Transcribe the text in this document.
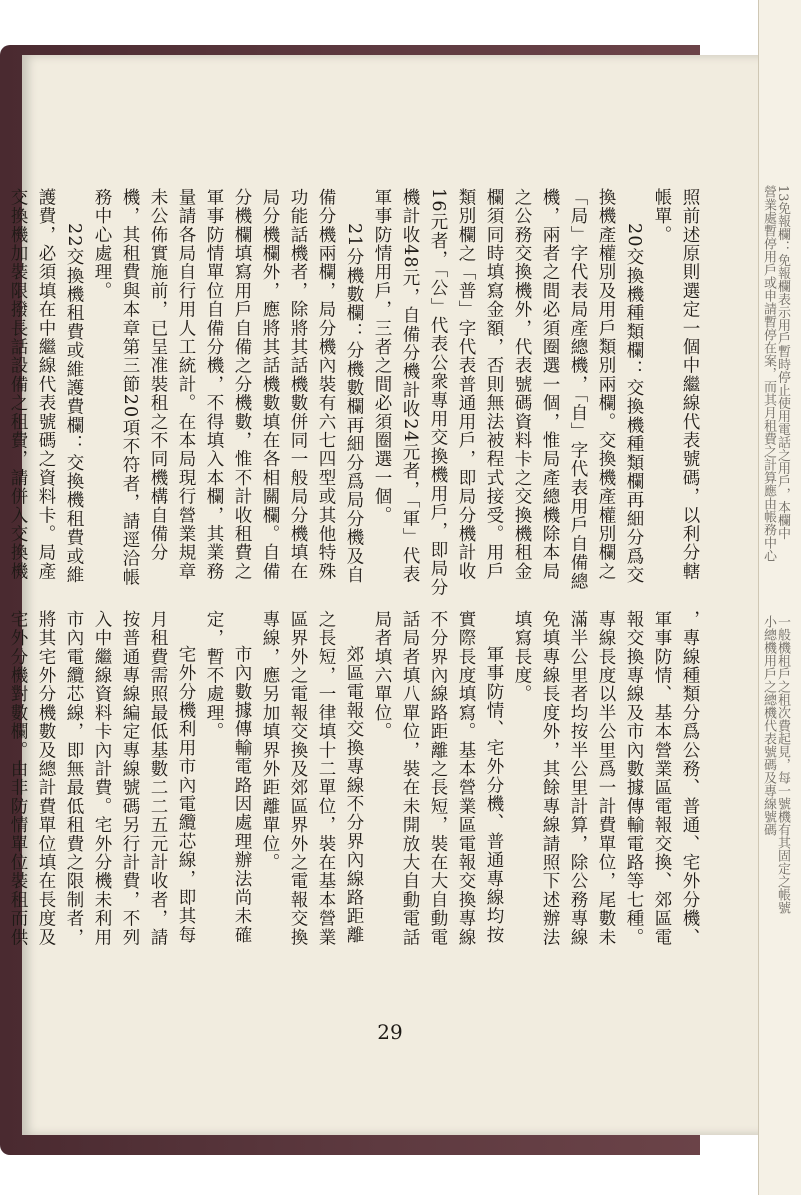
13免報欄：免報欄表示用戶暫時停止使用電話之用戶，本欄中
營業處暫停用戶或申請暫停在案，而其月租費之計算應由帳務中心
一般機租戶之租次費起見，每一號機有其固定之帳號
小總機用戶之總機代表號碼及專線號碼

照前述原則選定一個中繼線代表號碼，以利分轄帳單。

20交換機種類欄：交換機種類欄再細分爲交換機產權別及用戶類別兩欄。交換機產權別欄之「局」字代表局產總機，「自」字代表用戶自備總機，兩者之間必須圈選一個，惟局產總機除本局之公務交換機外，代表號碼資料卡之交換機租金欄須同時填寫金額，否則無法被程式接受。用戶類別欄之「普」字代表普通用戶，即局分機計收16元者，「公」代表公衆專用交換機用戶，即局分機計收48元，自備分機計收24元者，「軍」代表軍事防情用戶，三者之間必須圈選一個。

21分機數欄：分機數欄再細分爲局分機及自備分機兩欄，局分機內裝有六七四型或其他特殊功能話機者，除將其話機數併同一般局分機填在局分機欄外，應將其話機數填在各相關欄。自備分機欄填寫用戶自備之分機數，惟不計收租費之軍事防情單位自備分機，不得填入本欄，其業務量請各局自行用人工統計。在本局現行營業規章未公佈實施前，已呈准裝租之不同機構自備分機，其租費與本章第三節20項不符者，請逕洽帳務中心處理。

22交換機租費或維護費欄：交換機租費或維護費，必須填在中繼線代表號碼之資料卡。局產交換機加裝限撥長話設備之租費，請併入交換機

，專線種類分爲公務、普通、宅外分機、軍事防情、基本營業區電報交換、郊區電報交換專線及市內數據傳輸電路等七種。專線長度以半公里爲一計費單位，尾數未滿半公里者均按半公里計算，除公務專線免填專線長度外，其餘專線請照下述辦法填寫長度。

軍事防情、宅外分機、普通專線均按實際長度填寫。基本營業區電報交換專線不分界內線路距離之長短，裝在大自動電話局者填八單位，裝在未開放大自動電話局者填六單位。

郊區電報交換專線不分界內線路距離之長短，一律填十二單位，裝在基本營業區界外之電報交換及郊區界外之電報交換專線，應另加填界外距離單位。

市內數據傳輸電路因處理辦法尚未確定，暫不處理。

宅外分機利用市內電纜芯線，即其每月租費需照最低基數二二五元計收者，請按普通專線編定專線號碼另行計費，不列入中繼線資料卡內計費。宅外分機未利用市內電纜芯線，即無最低租費之限制者，將其宅外分機數及總計費單位填在長度及宅外分機對數欄。由非防情單位裝租而供

29
